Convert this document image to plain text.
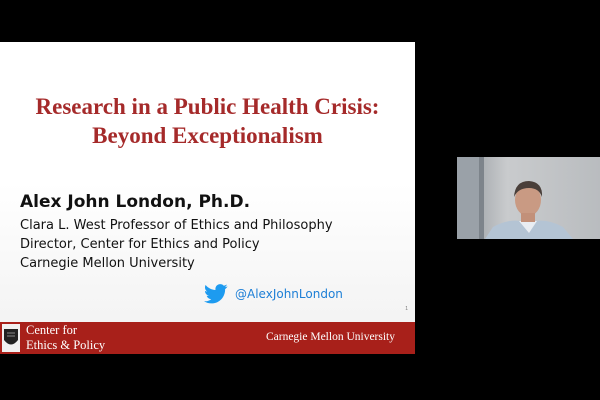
Research in a Public Health Crisis:
Beyond Exceptionalism
Alex John London, Ph.D.
Clara L. West Professor of Ethics and Philosophy
Director, Center for Ethics and Policy
Carnegie Mellon University
@AlexJohnLondon
1
Center for
Ethics & Policy
Carnegie Mellon University
